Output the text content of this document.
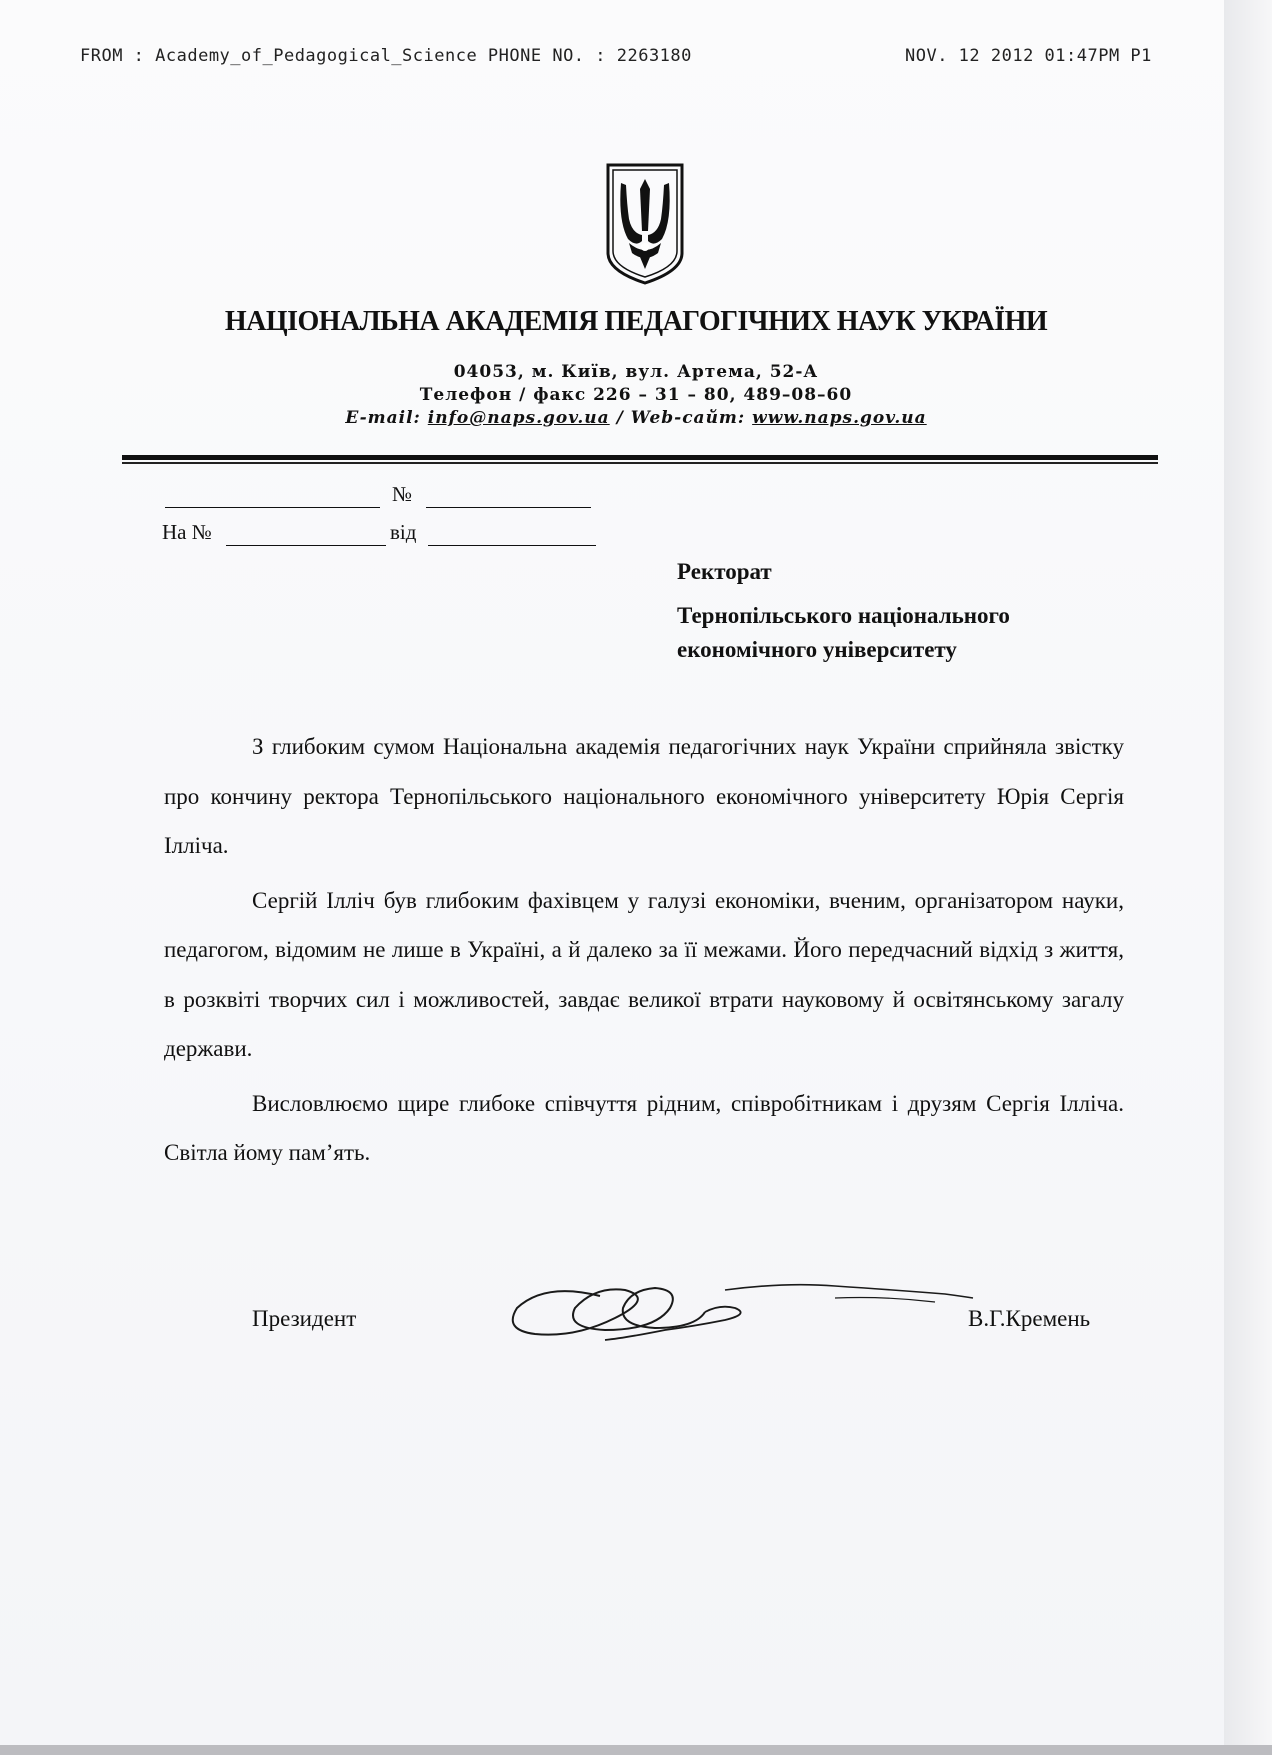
FROM : Academy_of_Pedagogical_Science PHONE NO. : 2263180	NOV. 12 2012 01:47PM P1
НАЦІОНАЛЬНА АКАДЕМІЯ ПЕДАГОГІЧНИХ НАУК УКРАЇНИ
04053, м. Київ, вул. Артема, 52-А
Телефон / факс 226 – 31 – 80, 489–08–60
E-mail: info@naps.gov.ua / Web-сайт: www.naps.gov.ua
№
На №	від
Ректорат
Тернопільського національного
економічного університету

З глибоким сумом Національна академія педагогічних наук України сприйняла звістку про кончину ректора Тернопільського національного економічного університету Юрія Сергія Ілліча.

Сергій Ілліч був глибоким фахівцем у галузі економіки, вченим, організатором науки, педагогом, відомим не лише в Україні, а й далеко за її межами. Його передчасний відхід з життя, в розквіті творчих сил і можливостей, завдає великої втрати науковому й освітянському загалу держави.

Висловлюємо щире глибоке співчуття рідним, співробітникам і друзям Сергія Ілліча. Світла йому пам’ять.

Президент	В.Г.Кремень
